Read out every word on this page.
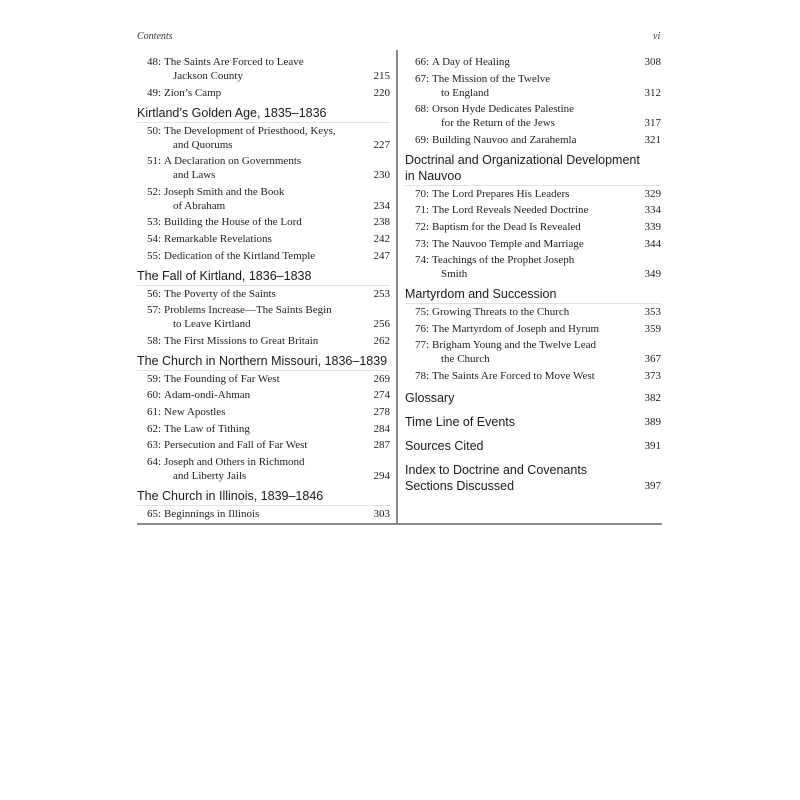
Contents	vi
48: The Saints Are Forced to Leave
Jackson County	215
49: Zion’s Camp	220
Kirtland’s Golden Age, 1835–1836
50: The Development of Priesthood, Keys,
and Quorums	227
51: A Declaration on Governments
and Laws	230
52: Joseph Smith and the Book
of Abraham	234
53: Building the House of the Lord	238
54: Remarkable Revelations	242
55: Dedication of the Kirtland Temple	247
The Fall of Kirtland, 1836–1838
56: The Poverty of the Saints	253
57: Problems Increase—The Saints Begin
to Leave Kirtland	256
58: The First Missions to Great Britain	262
The Church in Northern Missouri, 1836–1839
59: The Founding of Far West	269
60: Adam-ondi-Ahman	274
61: New Apostles	278
62: The Law of Tithing	284
63: Persecution and Fall of Far West	287
64: Joseph and Others in Richmond
and Liberty Jails	294
The Church in Illinois, 1839–1846
65: Beginnings in Illinois	303
66: A Day of Healing	308
67: The Mission of the Twelve
to England	312
68: Orson Hyde Dedicates Palestine
for the Return of the Jews	317
69: Building Nauvoo and Zarahemla	321
Doctrinal and Organizational Development
in Nauvoo
70: The Lord Prepares His Leaders	329
71: The Lord Reveals Needed Doctrine	334
72: Baptism for the Dead Is Revealed	339
73: The Nauvoo Temple and Marriage	344
74: Teachings of the Prophet Joseph
Smith	349
Martyrdom and Succession
75: Growing Threats to the Church	353
76: The Martyrdom of Joseph and Hyrum	359
77: Brigham Young and the Twelve Lead
the Church	367
78: The Saints Are Forced to Move West	373
Glossary	382
Time Line of Events	389
Sources Cited	391
Index to Doctrine and Covenants
Sections Discussed	397
